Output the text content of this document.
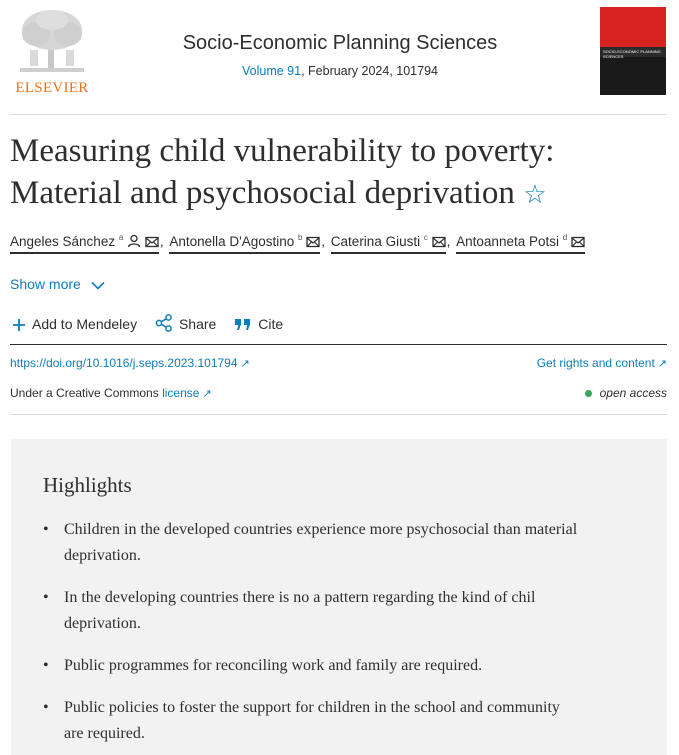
ELSEVIER
Socio-Economic Planning Sciences
Volume 91, February 2024, 101794
SOCIO-ECONOMIC PLANNING SCIENCES
Measuring child vulnerability to poverty: Material and psychosocial deprivation ☆
Angeles Sánchez $^a$	, Antonella D'Agostino $^b$ , Caterina Giusti $^c$ , Antoanneta Potsi $^d$
Show more
Add to Mendeley	Share	Cite
https://doi.org/10.1016/j.seps.2023.101794 ↗	Get rights and content ↗
Under a Creative Commons license ↗	open access
Highlights
• Children in the developed countries experience more psychosocial than material deprivation.
• In the developing countries there is no a pattern regarding the kind of chil deprivation.
• Public programmes for reconciling work and family are required.
• Public policies to foster the support for children in the school and community are required.
